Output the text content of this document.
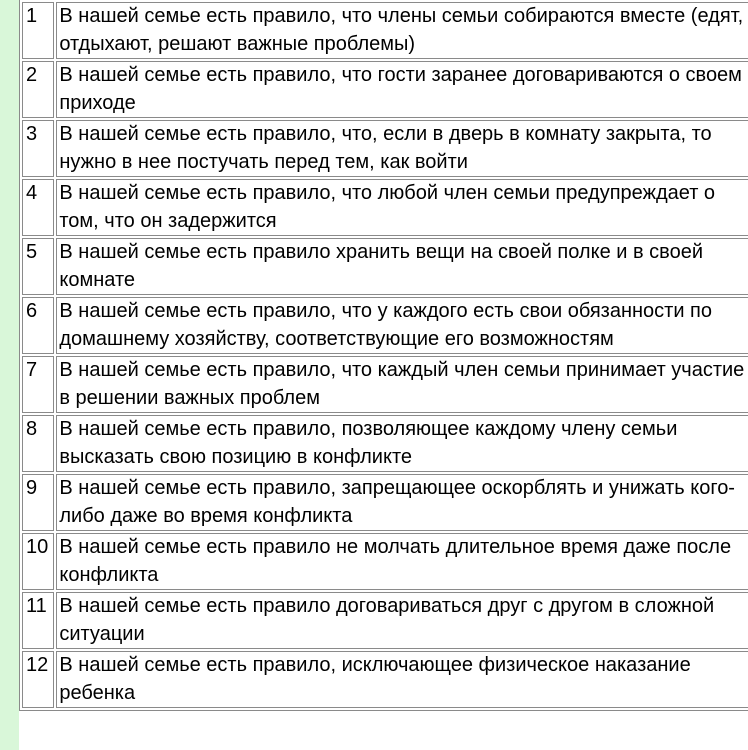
1	В нашей семье есть правило, что члены семьи собираются вместе (едят, отдыхают, решают важные проблемы)	
2	В нашей семье есть правило, что гости заранее договариваются о своем приходе	
3	В нашей семье есть правило, что, если в дверь в комнату закрыта, то нужно в нее постучать перед тем, как войти	
4	В нашей семье есть правило, что любой член семьи предупреждает о том, что он задержится	
5	В нашей семье есть правило хранить вещи на своей полке и в своей комнате	
6	В нашей семье есть правило, что у каждого есть свои обязанности по домашнему хозяйству, соответствующие его возможностям	
7	В нашей семье есть правило, что каждый член семьи принимает участие в решении важных проблем	
8	В нашей семье есть правило, позволяющее каждому члену семьи высказать свою позицию в конфликте	
9	В нашей семье есть правило, запрещающее оскорблять и унижать кого-либо даже во время конфликта	
10	В нашей семье есть правило не молчать длительное время даже после конфликта	
11	В нашей семье есть правило договариваться друг с другом в сложной ситуации	
12	В нашей семье есть правило, исключающее физическое наказание ребенка	
